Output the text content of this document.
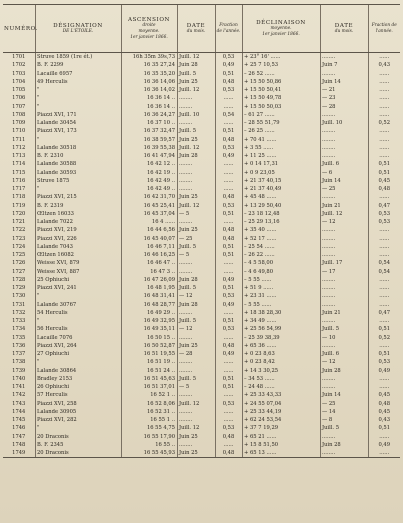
NUMÉRO.	DÉSIGNATION
DE L'ÉTOILE.	ASCENSION
droite
moyenne.
1er janvier 1866.	DATE
du mois.	Fraction de l'année.	DÉCLINAISON
moyenne.
1er janvier 1866.	DATE
du mois.	Fraction de l'année.

1701	Struve 1859 (1re ét.)	16h 35m 39s,73	Juill. 12	0,53	+ 23° 16' ......	........	......
1702	B. F. 2299	16 35 27,24	Juin 28	0,49	+ 25 7 10,53	Juin 7	0,43
1703	Lacaille 6957	16 35 35,20	Juill. 5	0,51	– 26 52 ......	........	......
1704	49 Herculis	16 36 14,06	Juin 25	0,48	+ 15 50 50,86	Juin 14	......
1705	"	16 36 14,02	Juill. 12	0,53	+ 15 50 50,41	— 21	......
1706	"	16 36 14 ..	........	......	+ 15 50 49,78	— 23	......
1707	"	16 36 14 ..	........	......	+ 15 50 50,03	— 28	......
1708	Piazzi XVI, 171	16 36 24,27	Juill. 10	0,54	– 61 27 ......	........	......
1709	Lalande 30454	16 37 10 ..	........	......	– 28 55 51,79	Juill. 10	0,52
1710	Piazzi XVI, 173	16 37 32,47	Juill. 5	0,51	– 26 25 ......	........	......
1711	"	16 38 59,57	Juin 25	0,48	+ 70 41 ......	........	......
1712	Lalande 30518	16 39 55,38	Juill. 12	0,53	+ 3 55 ......	........	......
1713	B. F. 2310	16 41 47,94	Juin 28	0,49	+ 11 25 ......	........	......
1714	Lalande 30588	16 42 12 ..	........	......	+ 0 14 17,31	Juill. 6	0,51
1715	Lalande 30593	16 42 19 ..	........	......	+ 0 9 23,05	— 6	0,51
1716	Struve 1875	16 42 49 ..	........	......	+ 21 37 40,15	Juin 14	0,45
1717	"	16 42 49 ..	........	......	+ 21 37 40,49	— 25	0,48
1718	Piazzi XVI, 215	16 42 31,70	Juin 25	0,48	+ 45 48 ......	........	......
1719	B. F. 2319	16 45 25,41	Juill. 12	0,53	+ 13 29 50,40	Juin 21	0,47
1720	Œltzen 16033	16 45 37,04	— 5	0,51	– 23 18 12,48	Juill. 12	0,53
1721	Lalande 7022	16 4 ......	........	......	– 25 29 13,16	— 12	0,53
1722	Piazzi XVI, 219	16 44 6,56	Juin 25	0,48	+ 35 40 ......	........	......
1723	Piazzi XVI, 226	16 45 40,07	— 25	0,48	+ 52 17 ......	........	......
1724	Lalande 7043	16 46 7,11	Juill. 5	0,51	– 25 54 ......	........	......
1725	Œltzen 16082	16 46 16,25	— 5	0,51	– 26 22 ......	........	......
1726	Weisse XVI, 879	16 46 47 ..	........	......	– 4 5 58,00	Juill. 17	0,54
1727	Weisse XVI, 887	16 47 3 ..	........	......	– 4 6 49,80	— 17	0,54
1728	25 Ophiuchi	16 47 26,09	Juin 28	0,49	– 5 55 ......	........	......
1729	Piazzi XVI, 241	16 48 1,95	Juill. 5	0,51	+ 51 9 ......	........	......
1730	"	16 48 31,41	— 12	0,53	+ 23 31 ......	........	......
1731	Lalande 30767	16 48 28,77	Juin 28	0,49	– 5 55 ......	........	......
1732	54 Herculis	16 49 29 ..	........	......	+ 18 38 28,30	Juin 21	0,47
1733	"	16 49 32,95	Juill. 5	0,51	+ 34 49 ......	........	......
1734	56 Herculis	16 49 35,11	— 12	0,53	+ 25 56 54,99	Juill. 5	0,51
1735	Lacaille 7076	16 50 15 ..	........	......	– 25 39 38,39	— 10	0,52
1736	Piazzi XVI, 264	16 50 52,87	Juin 25	0,48	+ 65 36 ......	........	......
1737	27 Ophiuchi	16 51 19,55	— 28	0,49	+ 0 23 8,63	Juill. 6	0,51
1738	"	16 51 19 ..	........	......	+ 0 23 8,42	— 12	0,53
1739	Lalande 30864	16 51 24 ..	........	......	+ 14 3 30,25	Juin 28	0,49
1740	Bradley 2153	16 51 45,63	Juill. 5	0,51	– 34 53 ......	........	......
1741	26 Ophiuchi	16 51 37,01	— 5	0,51	– 24 48 ......	........	......
1742	57 Herculis	16 52 1 ..	........	......	+ 25 33 43,33	Juin 14	0,45
1743	Piazzi XVI, 258	16 52 8,06	Juill. 12	0,53	+ 24 55 07,04	— 25	0,48
1744	Lalande 30905	16 52 31 ..	........	......	+ 25 33 44,19	— 14	0,45
1745	Piazzi XVI, 282	16 55 1 ..	........	......	+ 62 24 53,54	— 8	0,43
1746	"	16 55 4,75	Juill. 12	0,53	+ 37 7 19,29	Juill. 5	0,51
1747	20 Draconis	16 55 17,90	Juin 25	0,48	+ 65 21 ......	........	......
1748	B. F. 2345	16 55 ..	........	......	+ 15 8 51,50	Juin 28	0,49
1749	20 Draconis	16 55 45,93	Juin 25	0,48	+ 65 13 ......	........	......
